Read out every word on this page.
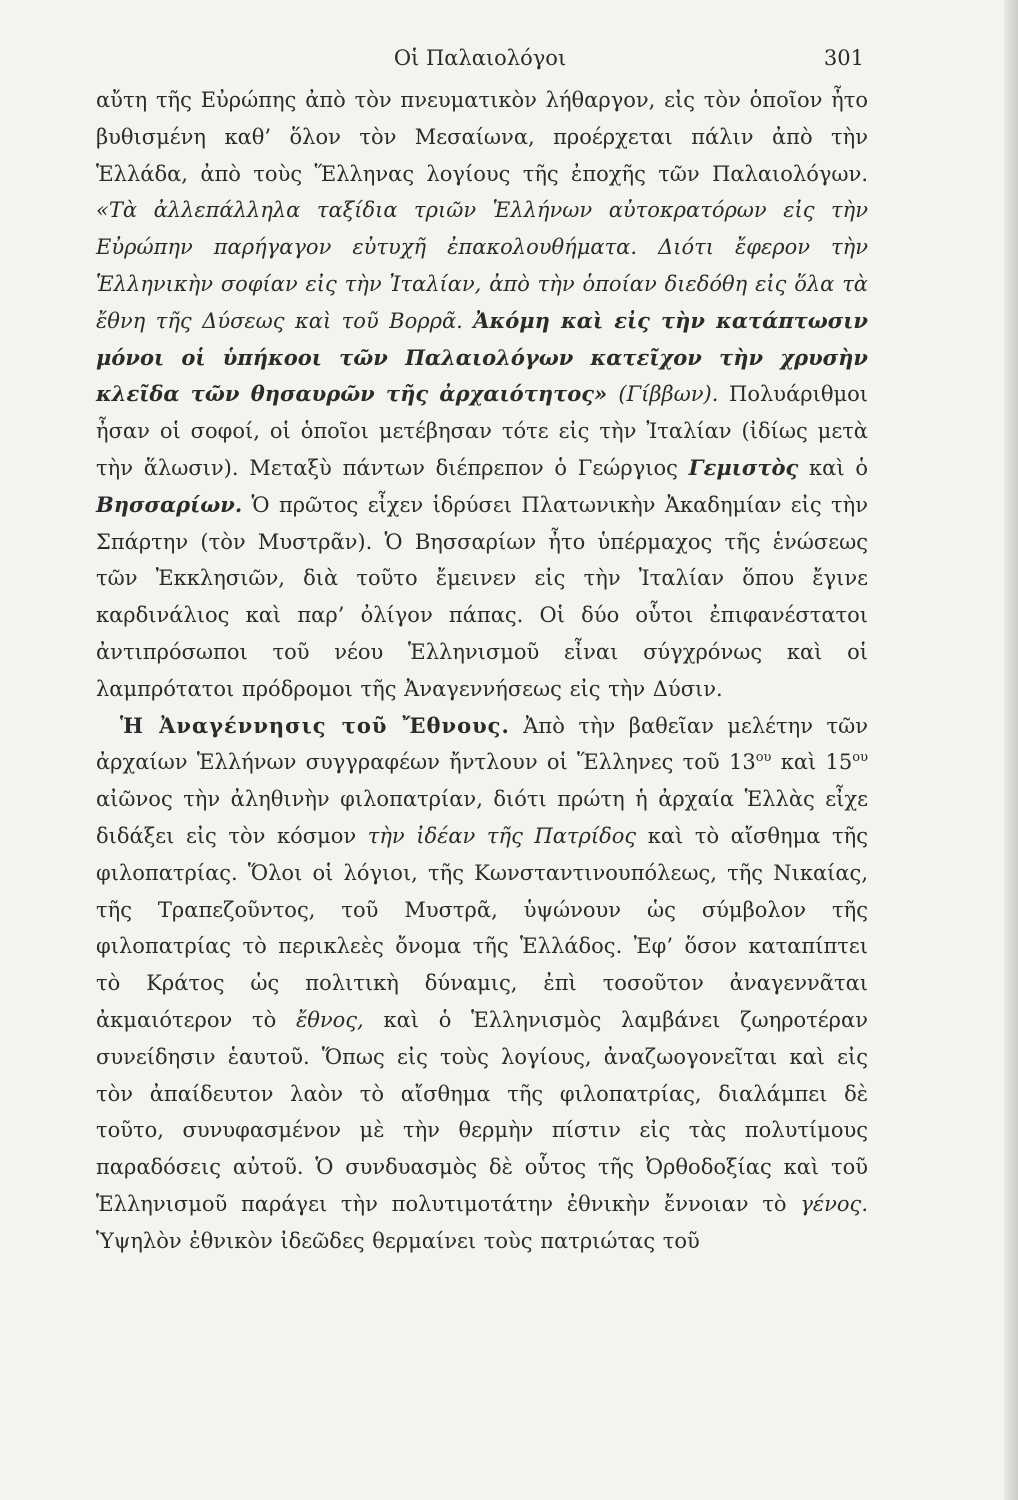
Οἱ Παλαιολόγοι	301

αὔτη τῆς Εὐρώπης ἀπὸ τὸν πνευματικὸν λήθαργον, εἰς τὸν ὁποῖον ἦτο βυθισμένη καθ’ ὅλον τὸν Μεσαίωνα, προέρχεται πάλιν ἀπὸ τὴν Ἑλλάδα, ἀπὸ τοὺς Ἕλληνας λογίους τῆς ἐποχῆς τῶν Παλαιολόγων. «Τὰ ἀλλεπάλληλα ταξίδια τριῶν Ἑλλήνων αὐτοκρατόρων εἰς τὴν Εὐρώπην παρήγαγον εὐτυχῆ ἐπακολουθήματα. Διότι ἔφερον τὴν Ἑλληνικὴν σοφίαν εἰς τὴν Ἰταλίαν, ἀπὸ τὴν ὁποίαν διεδόθη εἰς ὅλα τὰ ἔθνη τῆς Δύσεως καὶ τοῦ Βορρᾶ. Ἀκόμη καὶ εἰς τὴν κατάπτωσιν μόνοι οἱ ὑπήκοοι τῶν Παλαιολόγων κατεῖχον τὴν χρυσὴν κλεῖδα τῶν θησαυρῶν τῆς ἀρχαιότητος» (Γίββων). Πολυάριθμοι ἦσαν οἱ σοφοί, οἱ ὁποῖοι μετέβησαν τότε εἰς τὴν Ἰταλίαν (ἰδίως μετὰ τὴν ἅλωσιν). Μεταξὺ πάντων διέπρεπον ὁ Γεώργιος Γεμιστὸς καὶ ὁ Βησσαρίων. Ὁ πρῶτος εἶχεν ἱδρύσει Πλατωνικὴν Ἀκαδημίαν εἰς τὴν Σπάρτην (τὸν Μυστρᾶν). Ὁ Βησσαρίων ἦτο ὑπέρμαχος τῆς ἑνώσεως τῶν Ἐκκλησιῶν, διὰ τοῦτο ἔμεινεν εἰς τὴν Ἰταλίαν ὅπου ἔγινε καρδινάλιος καὶ παρ’ ὀλίγον πάπας. Οἱ δύο οὗτοι ἐπιφανέστατοι ἀντιπρόσωποι τοῦ νέου Ἑλληνισμοῦ εἶναι σύγχρόνως καὶ οἱ λαμπρότατοι πρόδρομοι τῆς Ἀναγεννήσεως εἰς τὴν Δύσιν.

Ἡ Ἀναγέννησις τοῦ Ἔθνους. Ἀπὸ τὴν βαθεῖαν μελέτην τῶν ἀρχαίων Ἑλλήνων συγγραφέων ἤντλουν οἱ Ἕλληνες τοῦ $13^{o\upsilon}$ καὶ $15^{o\upsilon}$ αἰῶνος τὴν ἀληθινὴν φιλοπατρίαν, διότι πρώτη ἡ ἀρχαία Ἑλλὰς εἶχε διδάξει εἰς τὸν κόσμον τὴν ἰδέαν τῆς Πατρίδος καὶ τὸ αἴσθημα τῆς φιλοπατρίας. Ὅλοι οἱ λόγιοι, τῆς Κωνσταντινουπόλεως, τῆς Νικαίας, τῆς Τραπεζοῦντος, τοῦ Μυστρᾶ, ὑψώνουν ὡς σύμβολον τῆς φιλοπατρίας τὸ περικλεὲς ὄνομα τῆς Ἑλλάδος. Ἐφ’ ὅσον καταπίπτει τὸ Κράτος ὡς πολιτικὴ δύναμις, ἐπὶ τοσοῦτον ἀναγεννᾶται ἀκμαιότερον τὸ ἔθνος, καὶ ὁ Ἑλληνισμὸς λαμβάνει ζωηροτέραν συνείδησιν ἑαυτοῦ. Ὅπως εἰς τοὺς λογίους, ἀναζωογονεῖται καὶ εἰς τὸν ἀπαίδευτον λαὸν τὸ αἴσθημα τῆς φιλοπατρίας, διαλάμπει δὲ τοῦτο, συνυφασμένον μὲ τὴν θερμὴν πίστιν εἰς τὰς πολυτίμους παραδόσεις αὐτοῦ. Ὁ συνδυασμὸς δὲ οὗτος τῆς Ὀρθοδοξίας καὶ τοῦ Ἑλληνισμοῦ παράγει τὴν πολυτιμοτάτην ἐθνικὴν ἔννοιαν τὸ γένος. Ὑψηλὸν ἐθνικὸν ἰδεῶδες θερμαίνει τοὺς πατριώτας τοῦ
